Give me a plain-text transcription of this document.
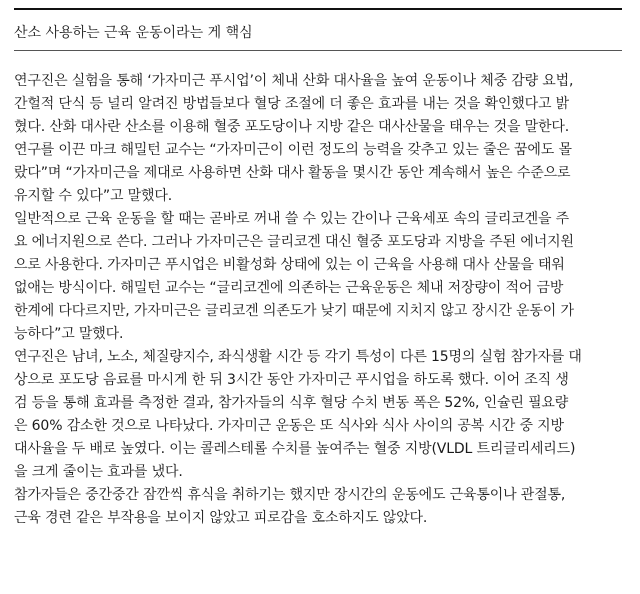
산소 사용하는 근육 운동이라는 게 핵심
연구진은 실험을 통해 ‘가자미근 푸시업’이 체내 산화 대사율을 높여 운동이나 체중 감량 요법,
간헐적 단식 등 널리 알려진 방법들보다 혈당 조절에 더 좋은 효과를 내는 것을 확인했다고 밝
혔다. 산화 대사란 산소를 이용해 혈중 포도당이나 지방 같은 대사산물을 태우는 것을 말한다.
연구를 이끈 마크 해밀턴 교수는 “가자미근이 이런 정도의 능력을 갖추고 있는 줄은 꿈에도 몰
랐다”며 “가자미근을 제대로 사용하면 산화 대사 활동을 몇시간 동안 계속해서 높은 수준으로
유지할 수 있다”고 말했다.
일반적으로 근육 운동을 할 때는 곧바로 꺼내 쓸 수 있는 간이나 근육세포 속의 글리코겐을 주
요 에너지원으로 쓴다. 그러나 가자미근은 글리코겐 대신 혈중 포도당과 지방을 주된 에너지원
으로 사용한다. 가자미근 푸시업은 비활성화 상태에 있는 이 근육을 사용해 대사 산물을 태워
없애는 방식이다. 해밀턴 교수는 “글리코겐에 의존하는 근육운동은 체내 저장량이 적어 금방
한계에 다다르지만, 가자미근은 글리코겐 의존도가 낮기 때문에 지치지 않고 장시간 운동이 가
능하다”고 말했다.
연구진은 남녀, 노소, 체질량지수, 좌식생활 시간 등 각기 특성이 다른 15명의 실험 참가자를 대
상으로 포도당 음료를 마시게 한 뒤 3시간 동안 가자미근 푸시업을 하도록 했다. 이어 조직 생
검 등을 통해 효과를 측정한 결과, 참가자들의 식후 혈당 수치 변동 폭은 52%, 인슐린 필요량
은 60% 감소한 것으로 나타났다. 가자미근 운동은 또 식사와 식사 사이의 공복 시간 중 지방
대사율을 두 배로 높였다. 이는 콜레스테롤 수치를 높여주는 혈중 지방(VLDL 트리글리세리드)
을 크게 줄이는 효과를 냈다.
참가자들은 중간중간 잠깐씩 휴식을 취하기는 했지만 장시간의 운동에도 근육통이나 관절통,
근육 경련 같은 부작용을 보이지 않았고 피로감을 호소하지도 않았다.
